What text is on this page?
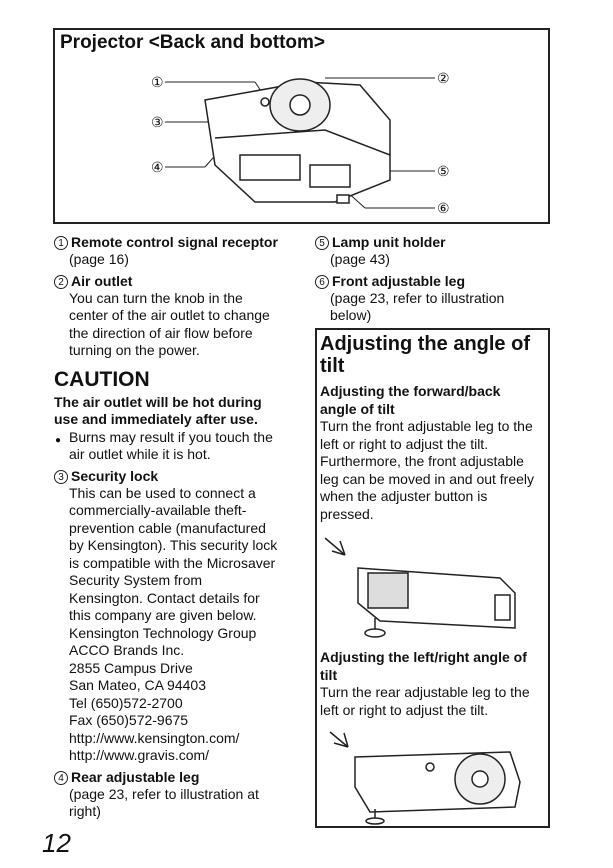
Projector <Back and bottom>
①
③
④
②
⑤
⑥
1 Remote control signal receptor
(page 16)
2 Air outlet
You can turn the knob in the
center of the air outlet to change
the direction of air flow before
turning on the power.
CAUTION
The air outlet will be hot during
use and immediately after use.
● Burns may result if you touch the
air outlet while it is hot.
3 Security lock
This can be used to connect a
commercially-available theft-
prevention cable (manufactured
by Kensington). This security lock
is compatible with the Microsaver
Security System from
Kensington. Contact details for
this company are given below.
Kensington Technology Group
ACCO Brands Inc.
2855 Campus Drive
San Mateo, CA 94403
Tel (650)572-2700
Fax (650)572-9675
http://www.kensington.com/
http://www.gravis.com/
4 Rear adjustable leg
(page 23, refer to illustration at
right)
5 Lamp unit holder
(page 43)
6 Front adjustable leg
(page 23, refer to illustration
below)
Adjusting the angle of
tilt
Adjusting the forward/back
angle of tilt
Turn the front adjustable leg to the
left or right to adjust the tilt.
Furthermore, the front adjustable
leg can be moved in and out freely
when the adjuster button is
pressed.
Adjusting the left/right angle of
tilt
Turn the rear adjustable leg to the
left or right to adjust the tilt.
12
